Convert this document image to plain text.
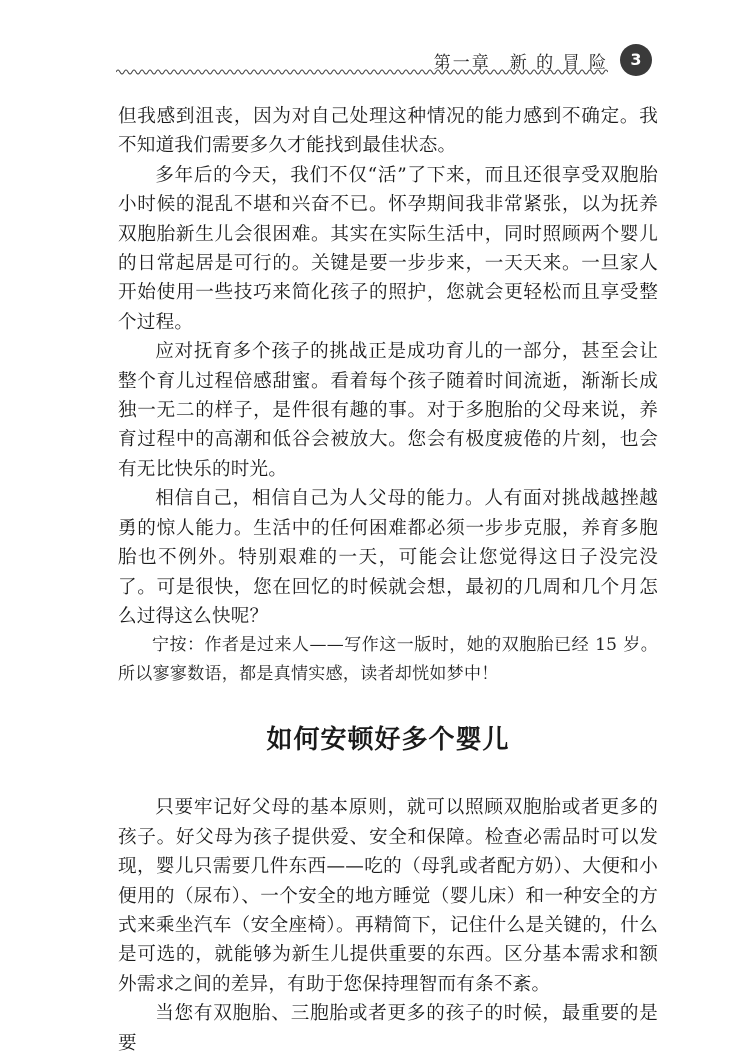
第一章　新 的 冒 险	3

但我感到沮丧，因为对自己处理这种情况的能力感到不确定。我不知道我们需要多久才能找到最佳状态。

多年后的今天，我们不仅“活”了下来，而且还很享受双胞胎小时候的混乱不堪和兴奋不已。怀孕期间我非常紧张，以为抚养双胞胎新生儿会很困难。其实在实际生活中，同时照顾两个婴儿的日常起居是可行的。关键是要一步步来，一天天来。一旦家人开始使用一些技巧来简化孩子的照护，您就会更轻松而且享受整个过程。

应对抚育多个孩子的挑战正是成功育儿的一部分，甚至会让整个育儿过程倍感甜蜜。看着每个孩子随着时间流逝，渐渐长成独一无二的样子，是件很有趣的事。对于多胞胎的父母来说，养育过程中的高潮和低谷会被放大。您会有极度疲倦的片刻，也会有无比快乐的时光。

相信自己，相信自己为人父母的能力。人有面对挑战越挫越勇的惊人能力。生活中的任何困难都必须一步步克服，养育多胞胎也不例外。特别艰难的一天，可能会让您觉得这日子没完没了。可是很快，您在回忆的时候就会想，最初的几周和几个月怎么过得这么快呢？

宁按：作者是过来人——写作这一版时，她的双胞胎已经 15 岁。所以寥寥数语，都是真情实感，读者却恍如梦中！

如何安顿好多个婴儿

只要牢记好父母的基本原则，就可以照顾双胞胎或者更多的孩子。好父母为孩子提供爱、安全和保障。检查必需品时可以发现，婴儿只需要几件东西——吃的（母乳或者配方奶）、大便和小便用的（尿布）、一个安全的地方睡觉（婴儿床）和一种安全的方式来乘坐汽车（安全座椅）。再精简下，记住什么是关键的，什么是可选的，就能够为新生儿提供重要的东西。区分基本需求和额外需求之间的差异，有助于您保持理智而有条不紊。

当您有双胞胎、三胞胎或者更多的孩子的时候，最重要的是要
